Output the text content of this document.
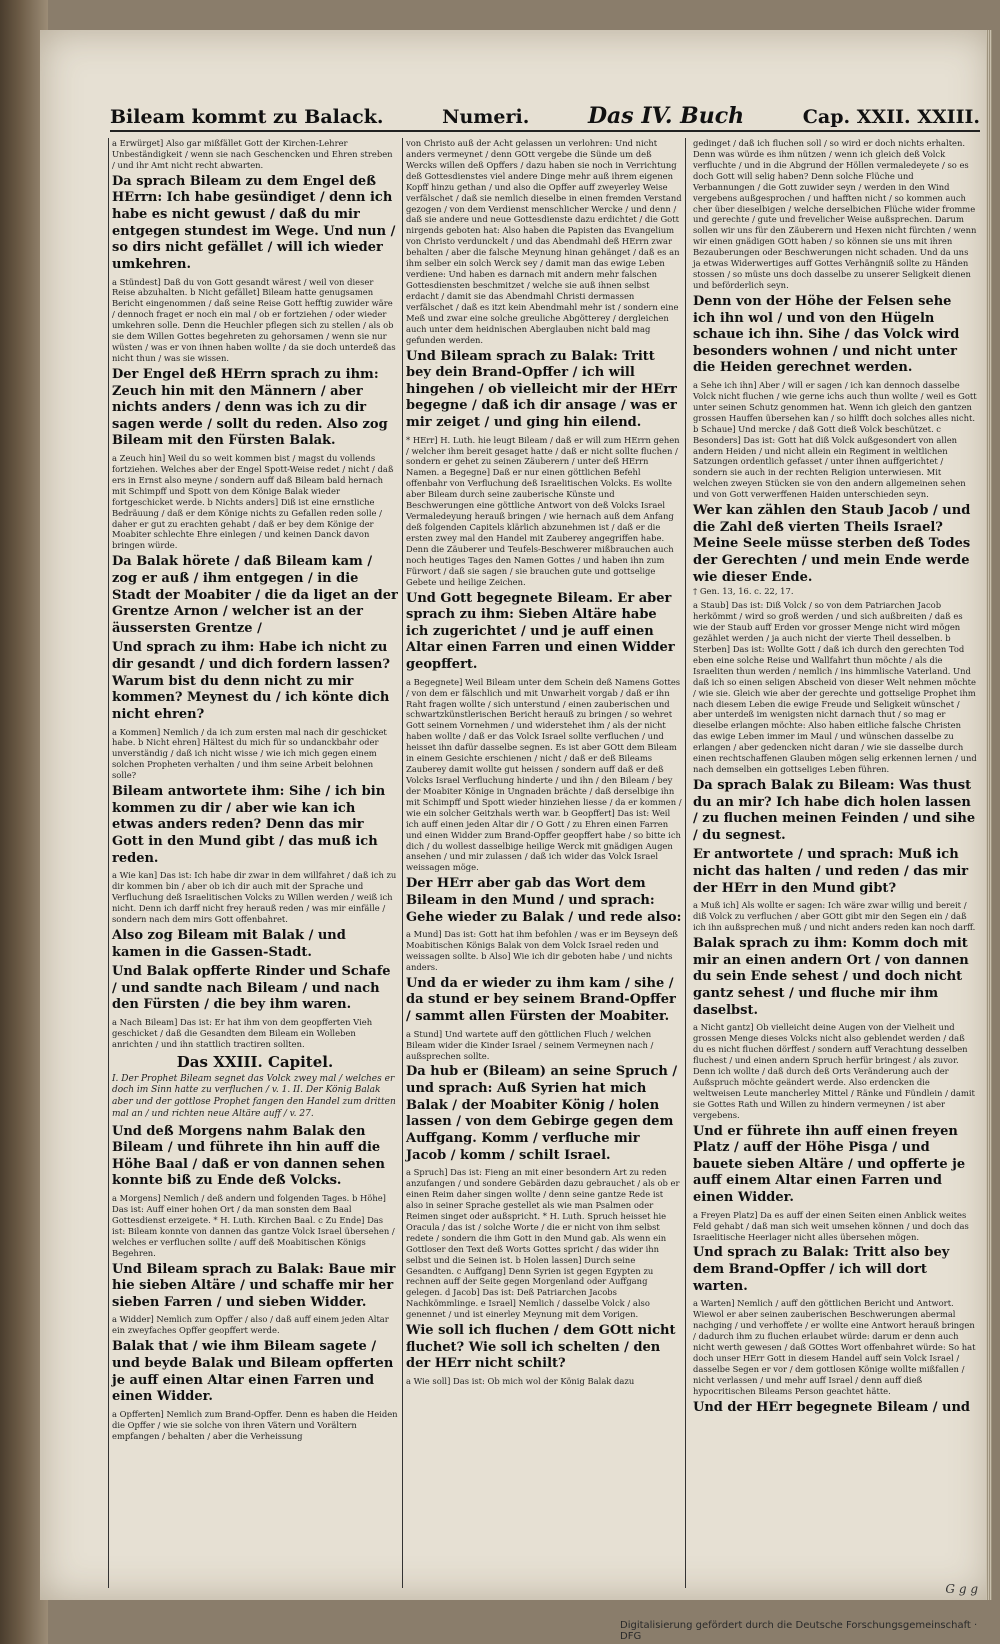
Bileam kommt zu Balack.	Numeri.	Das IV. Buch	Cap. XXII. XXIII.

a Erwürget] Also gar mißfället Gott der Kirchen-Lehrer Unbeständigkeit / wenn sie nach Geschencken und Ehren streben / und ihr Amt nicht recht abwarten.

Da sprach Bileam zu dem Engel deß HErrn: Ich habe gesündiget / denn ich habe es nicht gewust / daß du mir entgegen stundest im Wege. Und nun / so dirs nicht gefället / will ich wieder umkehren.

a Stündest] Daß du von Gott gesandt wärest / weil von dieser Reise abzuhalten. b Nicht gefället] Bileam hatte genugsamen Bericht eingenommen / daß seine Reise Gott hefftig zuwider wäre / dennoch fraget er noch ein mal / ob er fortziehen / oder wieder umkehren solle. Denn die Heuchler pflegen sich zu stellen / als ob sie dem Willen Gottes begehreten zu gehorsamen / wenn sie nur wüsten / was er von ihnen haben wollte / da sie doch unterdeß das nicht thun / was sie wissen.

Der Engel deß HErrn sprach zu ihm: Zeuch hin mit den Männern / aber nichts anders / denn was ich zu dir sagen werde / sollt du reden. Also zog Bileam mit den Fürsten Balak.

a Zeuch hin] Weil du so weit kommen bist / magst du vollends fortziehen. Welches aber der Engel Spott-Weise redet / nicht / daß ers in Ernst also meyne / sondern auff daß Bileam bald hernach mit Schimpff und Spott von dem Könige Balak wieder fortgeschicket werde. b Nichts anders] Diß ist eine ernstliche Bedräuung / daß er dem Könige nichts zu Gefallen reden solle / daher er gut zu erachten gehabt / daß er bey dem Könige der Moabiter schlechte Ehre einlegen / und keinen Danck davon bringen würde.

Da Balak hörete / daß Bileam kam / zog er auß / ihm entgegen / in die Stadt der Moabiter / die da liget an der Grentze Arnon / welcher ist an der äussersten Grentze /

Und sprach zu ihm: Habe ich nicht zu dir gesandt / und dich fordern lassen? Warum bist du denn nicht zu mir kommen? Meynest du / ich könte dich nicht ehren?

a Kommen] Nemlich / da ich zum ersten mal nach dir geschicket habe. b Nicht ehren] Hältest du mich für so undanckbahr oder unverständig / daß ich nicht wisse / wie ich mich gegen einem solchen Propheten verhalten / und ihm seine Arbeit belohnen solle?

Bileam antwortete ihm: Sihe / ich bin kommen zu dir / aber wie kan ich etwas anders reden? Denn das mir Gott in den Mund gibt / das muß ich reden.

a Wie kan] Das ist: Ich habe dir zwar in dem willfahret / daß ich zu dir kommen bin / aber ob ich dir auch mit der Sprache und Verfluchung deß Israelitischen Volcks zu Willen werden / weiß ich nicht. Denn ich darff nicht frey herauß reden / was mir einfälle / sondern nach dem mirs Gott offenbahret.

Also zog Bileam mit Balak / und kamen in die Gassen-Stadt.

Und Balak opfferte Rinder und Schafe / und sandte nach Bileam / und nach den Fürsten / die bey ihm waren.

a Nach Bileam] Das ist: Er hat ihm von dem geopfferten Vieh geschicket / daß die Gesandten dem Bileam ein Wolleben anrichten / und ihn stattlich tractiren sollten.

Das XXIII. Capitel.

I. Der Prophet Bileam segnet das Volck zwey mal / welches er doch im Sinn hatte zu verfluchen / v. 1. II. Der König Balak aber und der gottlose Prophet fangen den Handel zum dritten mal an / und richten neue Altäre auff / v. 27.

Und deß Morgens nahm Balak den Bileam / und führete ihn hin auff die Höhe Baal / daß er von dannen sehen konnte biß zu Ende deß Volcks.

a Morgens] Nemlich / deß andern und folgenden Tages. b Höhe] Das ist: Auff einer hohen Ort / da man sonsten dem Baal Gottesdienst erzeigete. * H. Luth. Kirchen Baal. c Zu Ende] Das ist: Bileam konnte von dannen das gantze Volck Israel übersehen / welches er verfluchen sollte / auff deß Moabitischen Königs Begehren.

Und Bileam sprach zu Balak: Baue mir hie sieben Altäre / und schaffe mir her sieben Farren / und sieben Widder.

a Widder] Nemlich zum Opffer / also / daß auff einem jeden Altar ein zweyfaches Opffer geopffert werde.

Balak that / wie ihm Bileam sagete / und beyde Balak und Bileam opfferten je auff einen Altar einen Farren und einen Widder.

a Opfferten] Nemlich zum Brand-Opffer. Denn es haben die Heiden die Opffer / wie sie solche von ihren Vätern und Vorältern empfangen / behalten / aber die Verheissung

von Christo auß der Acht gelassen un verlohren: Und nicht anders vermeynet / denn GOtt vergebe die Sünde um deß Wercks willen deß Opffers / dazu haben sie noch in Verrichtung deß Gottesdienstes viel andere Dinge mehr auß ihrem eigenen Kopff hinzu gethan / und also die Opffer auff zweyerley Weise verfälschet / daß sie nemlich dieselbe in einen fremden Verstand gezogen / von dem Verdienst menschlicher Wercke / und denn / daß sie andere und neue Gottesdienste dazu erdichtet / die Gott nirgends geboten hat: Also haben die Papisten das Evangelium von Christo verdunckelt / und das Abendmahl deß HErrn zwar behalten / aber die falsche Meynung hinan gehänget / daß es an ihm selber ein solch Werck sey / damit man das ewige Leben verdiene: Und haben es darnach mit andern mehr falschen Gottesdiensten beschmitzet / welche sie auß ihnen selbst erdacht / damit sie das Abendmahl Christi dermassen verfälschet / daß es itzt kein Abendmahl mehr ist / sondern eine Meß und zwar eine solche greuliche Abgötterey / dergleichen auch unter dem heidnischen Aberglauben nicht bald mag gefunden werden.

Und Bileam sprach zu Balak: Tritt bey dein Brand-Opffer / ich will hingehen / ob vielleicht mir der HErr begegne / daß ich dir ansage / was er mir zeiget / und ging hin eilend.

* HErr] H. Luth. hie leugt Bileam / daß er will zum HErrn gehen / welcher ihm bereit gesaget hatte / daß er nicht sollte fluchen / sondern er gehet zu seinen Zäuberern / unter deß HErrn Namen. a Begegne] Daß er nur einen göttlichen Befehl offenbahr von Verfluchung deß Israelitischen Volcks. Es wollte aber Bileam durch seine zauberische Künste und Beschwerungen eine göttliche Antwort von deß Volcks Israel Vermaledeyung herauß bringen / wie hernach auß dem Anfang deß folgenden Capitels klärlich abzunehmen ist / daß er die ersten zwey mal den Handel mit Zauberey angegriffen habe. Denn die Zäuberer und Teufels-Beschwerer mißbrauchen auch noch heutiges Tages den Namen Gottes / und haben ihn zum Fürwort / daß sie sagen / sie brauchen gute und gottselige Gebete und heilige Zeichen.

Und Gott begegnete Bileam. Er aber sprach zu ihm: Sieben Altäre habe ich zugerichtet / und je auff einen Altar einen Farren und einen Widder geopffert.

a Begegnete] Weil Bileam unter dem Schein deß Namens Gottes / von dem er fälschlich und mit Unwarheit vorgab / daß er ihn Raht fragen wollte / sich unterstund / einen zauberischen und schwartzkünstlerischen Bericht herauß zu bringen / so wehret Gott seinem Vornehmen / und widerstehet ihm / als der nicht haben wollte / daß er das Volck Israel sollte verfluchen / und heisset ihn dafür dasselbe segnen. Es ist aber GOtt dem Bileam in einem Gesichte erschienen / nicht / daß er deß Bileams Zauberey damit wollte gut heissen / sondern auff daß er deß Volcks Israel Verfluchung hinderte / und ihn / den Bileam / bey der Moabiter Könige in Ungnaden brächte / daß derselbige ihn mit Schimpff und Spott wieder hinziehen liesse / da er kommen / wie ein solcher Geitzhals werth war. b Geopffert] Das ist: Weil ich auff einen jeden Altar dir / O Gott / zu Ehren einen Farren und einen Widder zum Brand-Opffer geopffert habe / so bitte ich dich / du wollest dasselbige heilige Werck mit gnädigen Augen ansehen / und mir zulassen / daß ich wider das Volck Israel weissagen möge.

Der HErr aber gab das Wort dem Bileam in den Mund / und sprach: Gehe wieder zu Balak / und rede also:

a Mund] Das ist: Gott hat ihm befohlen / was er im Beyseyn deß Moabitischen Königs Balak von dem Volck Israel reden und weissagen sollte. b Also] Wie ich dir geboten habe / und nichts anders.

Und da er wieder zu ihm kam / sihe / da stund er bey seinem Brand-Opffer / sammt allen Fürsten der Moabiter.

a Stund] Und wartete auff den göttlichen Fluch / welchen Bileam wider die Kinder Israel / seinem Vermeynen nach / außsprechen sollte.

Da hub er (Bileam) an seine Spruch / und sprach: Auß Syrien hat mich Balak / der Moabiter König / holen lassen / von dem Gebirge gegen dem Auffgang. Komm / verfluche mir Jacob / komm / schilt Israel.

a Spruch] Das ist: Fieng an mit einer besondern Art zu reden anzufangen / und sondere Gebärden dazu gebrauchet / als ob er einen Reim daher singen wollte / denn seine gantze Rede ist also in seiner Sprache gestellet als wie man Psalmen oder Reimen singet oder außspricht. * H. Luth. Spruch heisset hie Oracula / das ist / solche Worte / die er nicht von ihm selbst redete / sondern die ihm Gott in den Mund gab. Als wenn ein Gottloser den Text deß Worts Gottes spricht / das wider ihn selbst und die Seinen ist. b Holen lassen] Durch seine Gesandten. c Auffgang] Denn Syrien ist gegen Egypten zu rechnen auff der Seite gegen Morgenland oder Auffgang gelegen. d Jacob] Das ist: Deß Patriarchen Jacobs Nachkömmlinge. e Israel] Nemlich / dasselbe Volck / also genennet / und ist einerley Meynung mit dem Vorigen.

Wie soll ich fluchen / dem GOtt nicht fluchet? Wie soll ich schelten / den der HErr nicht schilt?

a Wie soll] Das ist: Ob mich wol der König Balak dazu

gedinget / daß ich fluchen soll / so wird er doch nichts erhalten. Denn was würde es ihm nützen / wenn ich gleich deß Volck verfluchte / und in die Abgrund der Höllen vermaledeyete / so es doch Gott will selig haben? Denn solche Flüche und Verbannungen / die Gott zuwider seyn / werden in den Wind vergebens außgesprochen / und hafften nicht / so kommen auch cher über dieselbigen / welche derselbichen Flüche wider fromme und gerechte / gute und frevelicher Weise außsprechen. Darum sollen wir uns für den Zäuberern und Hexen nicht fürchten / wenn wir einen gnädigen GOtt haben / so können sie uns mit ihren Bezauberungen oder Beschwerungen nicht schaden. Und da uns ja etwas Widerwertiges auff Gottes Verhängniß sollte zu Händen stossen / so müste uns doch dasselbe zu unserer Seligkeit dienen und beförderlich seyn.

Denn von der Höhe der Felsen sehe ich ihn wol / und von den Hügeln schaue ich ihn. Sihe / das Volck wird besonders wohnen / und nicht unter die Heiden gerechnet werden.

a Sehe ich ihn] Aber / will er sagen / ich kan dennoch dasselbe Volck nicht fluchen / wie gerne ichs auch thun wollte / weil es Gott unter seinen Schutz genommen hat. Wenn ich gleich den gantzen grossen Hauffen übersehen kan / so hilfft doch solches alles nicht. b Schaue] Und mercke / daß Gott dieß Volck beschützet. c Besonders] Das ist: Gott hat diß Volck außgesondert von allen andern Heiden / und nicht allein ein Regiment in weltlichen Satzungen ordentlich gefasset / unter ihnen auffgerichtet / sondern sie auch in der rechten Religion unterwiesen. Mit welchen zweyen Stücken sie von den andern allgemeinen sehen und von Gott verwerffenen Haiden unterschieden seyn.

Wer kan zählen den Staub Jacob / und die Zahl deß vierten Theils Israel? Meine Seele müsse sterben deß Todes der Gerechten / und mein Ende werde wie dieser Ende.

† Gen. 13, 16. c. 22, 17.

a Staub] Das ist: Diß Volck / so von dem Patriarchen Jacob herkömmt / wird so groß werden / und sich außbreiten / daß es wie der Staub auff Erden vor grosser Menge nicht wird mögen gezählet werden / ja auch nicht der vierte Theil desselben. b Sterben] Das ist: Wollte Gott / daß ich durch den gerechten Tod eben eine solche Reise und Wallfahrt thun möchte / als die Israeliten thun werden / nemlich / ins himmlische Vaterland. Und daß ich so einen seligen Abscheid von dieser Welt nehmen möchte / wie sie. Gleich wie aber der gerechte und gottselige Prophet ihm nach diesem Leben die ewige Freude und Seligkeit wünschet / aber unterdeß im wenigsten nicht darnach thut / so mag er dieselbe erlangen möchte: Also haben eitliche falsche Christen das ewige Leben immer im Maul / und wünschen dasselbe zu erlangen / aber gedencken nicht daran / wie sie dasselbe durch einen rechtschaffenen Glauben mögen selig erkennen lernen / und nach demselben ein gottseliges Leben führen.

Da sprach Balak zu Bileam: Was thust du an mir? Ich habe dich holen lassen / zu fluchen meinen Feinden / und sihe / du segnest.

Er antwortete / und sprach: Muß ich nicht das halten / und reden / das mir der HErr in den Mund gibt?

a Muß ich] Als wollte er sagen: Ich wäre zwar willig und bereit / diß Volck zu verfluchen / aber GOtt gibt mir den Segen ein / daß ich ihn außsprechen muß / und nicht anders reden kan noch darff.

Balak sprach zu ihm: Komm doch mit mir an einen andern Ort / von dannen du sein Ende sehest / und doch nicht gantz sehest / und fluche mir ihm daselbst.

a Nicht gantz] Ob vielleicht deine Augen von der Vielheit und grossen Menge dieses Volcks nicht also geblendet werden / daß du es nicht fluchen dörffest / sondern auff Verachtung desselben fluchest / und einen andern Spruch herfür bringest / als zuvor. Denn ich wollte / daß durch deß Orts Veränderung auch der Außspruch möchte geändert werde. Also erdencken die weltweisen Leute mancherley Mittel / Ränke und Fündlein / damit sie Gottes Rath und Willen zu hindern vermeynen / ist aber vergebens.

Und er führete ihn auff einen freyen Platz / auff der Höhe Pisga / und bauete sieben Altäre / und opfferte je auff einem Altar einen Farren und einen Widder.

a Freyen Platz] Da es auff der einen Seiten einen Anblick weites Feld gehabt / daß man sich weit umsehen können / und doch das Israelitische Heerlager nicht alles übersehen mögen.

Und sprach zu Balak: Tritt also bey dem Brand-Opffer / ich will dort warten.

a Warten] Nemlich / auff den göttlichen Bericht und Antwort. Wiewol er aber seinen zauberischen Beschwerungen abermal nachging / und verhoffete / er wollte eine Antwort herauß bringen / dadurch ihm zu fluchen erlaubet würde: darum er denn auch nicht werth gewesen / daß GOttes Wort offenbahret würde: So hat doch unser HErr Gott in diesem Handel auff sein Volck Israel / dasselbe Segen er vor / dem gottlosen Könige wollte mißfallen / nicht verlassen / und mehr auff Israel / denn auff dieß hypocritischen Bileams Person geachtet hätte.

Und der HErr begegnete Bileam / und

G g g
Digitalisierung gefördert durch die Deutsche Forschungsgemeinschaft · DFG
